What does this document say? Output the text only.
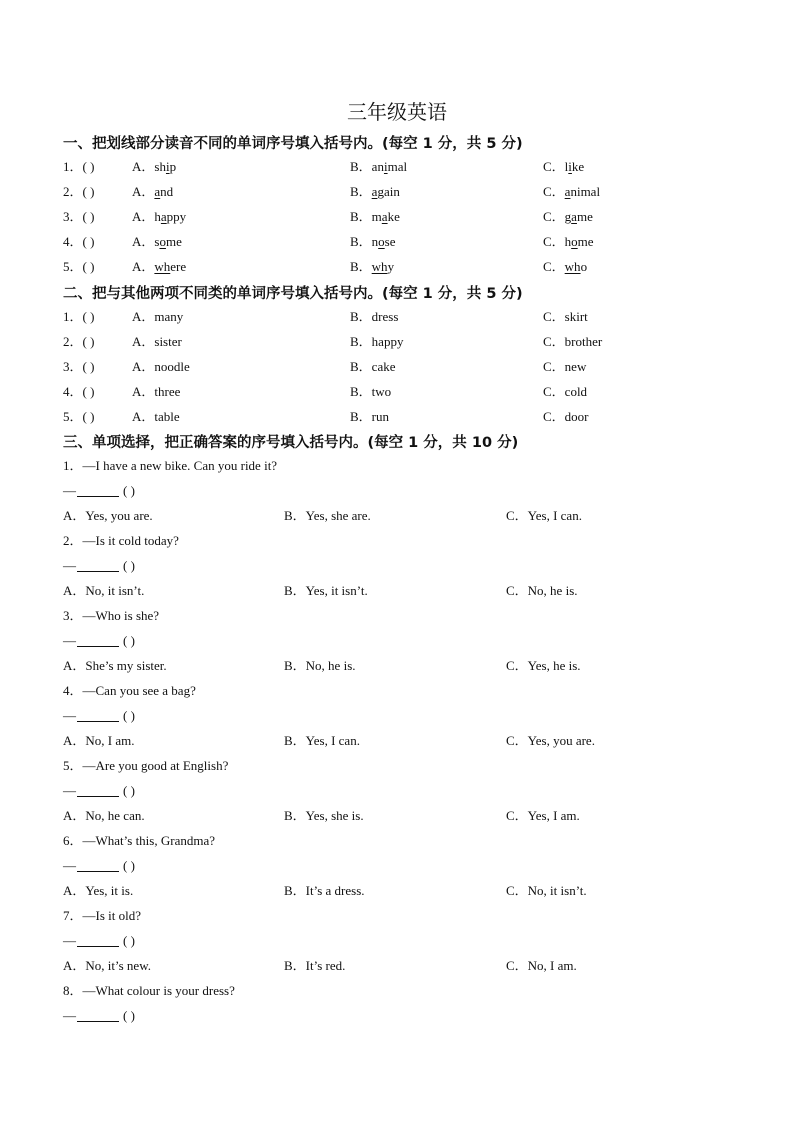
三年级英语
一、把划线部分读音不同的单词序号填入括号内。(每空 1 分，共 5 分)
1．( )	A．ship	B．animal	C．like
2．( )	A．and	B．again	C．animal
3．( )	A．happy	B．make	C．game
4．( )	A．some	B．nose	C．home
5．( )	A．where	B．why	C．who
二、把与其他两项不同类的单词序号填入括号内。(每空 1 分，共 5 分)
1．( )	A．many	B．dress	C．skirt
2．( )	A．sister	B．happy	C．brother
3．( )	A．noodle	B．cake	C．new
4．( )	A．three	B．two	C．cold
5．( )	A．table	B．run	C．door
三、单项选择，把正确答案的序号填入括号内。(每空 1 分，共 10 分)
1．—I have a new bike. Can you ride it?
—	( )
A．Yes, you are.	B．Yes, she are.	C．Yes, I can.
2．—Is it cold today?
—	( )
A．No, it isn’t.	B．Yes, it isn’t.	C．No, he is.
3．—Who is she?
—	( )
A．She’s my sister.	B．No, he is.	C．Yes, he is.
4．—Can you see a bag?
—	( )
A．No, I am.	B．Yes, I can.	C．Yes, you are.
5．—Are you good at English?
—	( )
A．No, he can.	B．Yes, she is.	C．Yes, I am.
6．—What’s this, Grandma?
—	( )
A．Yes, it is.	B．It’s a dress.	C．No, it isn’t.
7．—Is it old?
—	( )
A．No, it’s new.	B．It’s red.	C．No, I am.
8．—What colour is your dress?
—	( )
